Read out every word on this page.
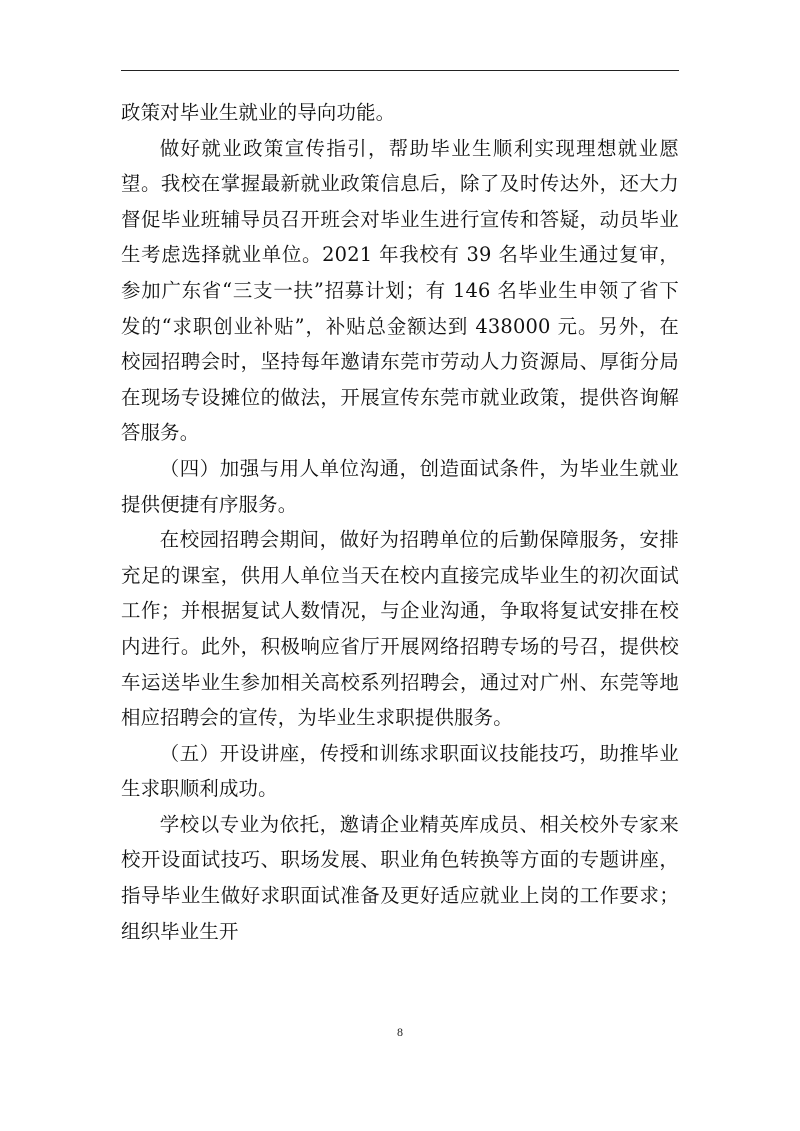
政策对毕业生就业的导向功能。

做好就业政策宣传指引，帮助毕业生顺利实现理想就业愿望。我校在掌握最新就业政策信息后，除了及时传达外，还大力督促毕业班辅导员召开班会对毕业生进行宣传和答疑，动员毕业生考虑选择就业单位。2021 年我校有 39 名毕业生通过复审，参加广东省“三支一扶”招募计划；有 146 名毕业生申领了省下发的“求职创业补贴”，补贴总金额达到 438000 元。另外，在校园招聘会时，坚持每年邀请东莞市劳动人力资源局、厚街分局在现场专设摊位的做法，开展宣传东莞市就业政策，提供咨询解答服务。

（四）加强与用人单位沟通，创造面试条件，为毕业生就业提供便捷有序服务。

在校园招聘会期间，做好为招聘单位的后勤保障服务，安排充足的课室，供用人单位当天在校内直接完成毕业生的初次面试工作；并根据复试人数情况，与企业沟通，争取将复试安排在校内进行。此外，积极响应省厅开展网络招聘专场的号召，提供校车运送毕业生参加相关高校系列招聘会，通过对广州、东莞等地相应招聘会的宣传，为毕业生求职提供服务。

（五）开设讲座，传授和训练求职面议技能技巧，助推毕业生求职顺利成功。

学校以专业为依托，邀请企业精英库成员、相关校外专家来校开设面试技巧、职场发展、职业角色转换等方面的专题讲座，指导毕业生做好求职面试准备及更好适应就业上岗的工作要求；组织毕业生开

8
